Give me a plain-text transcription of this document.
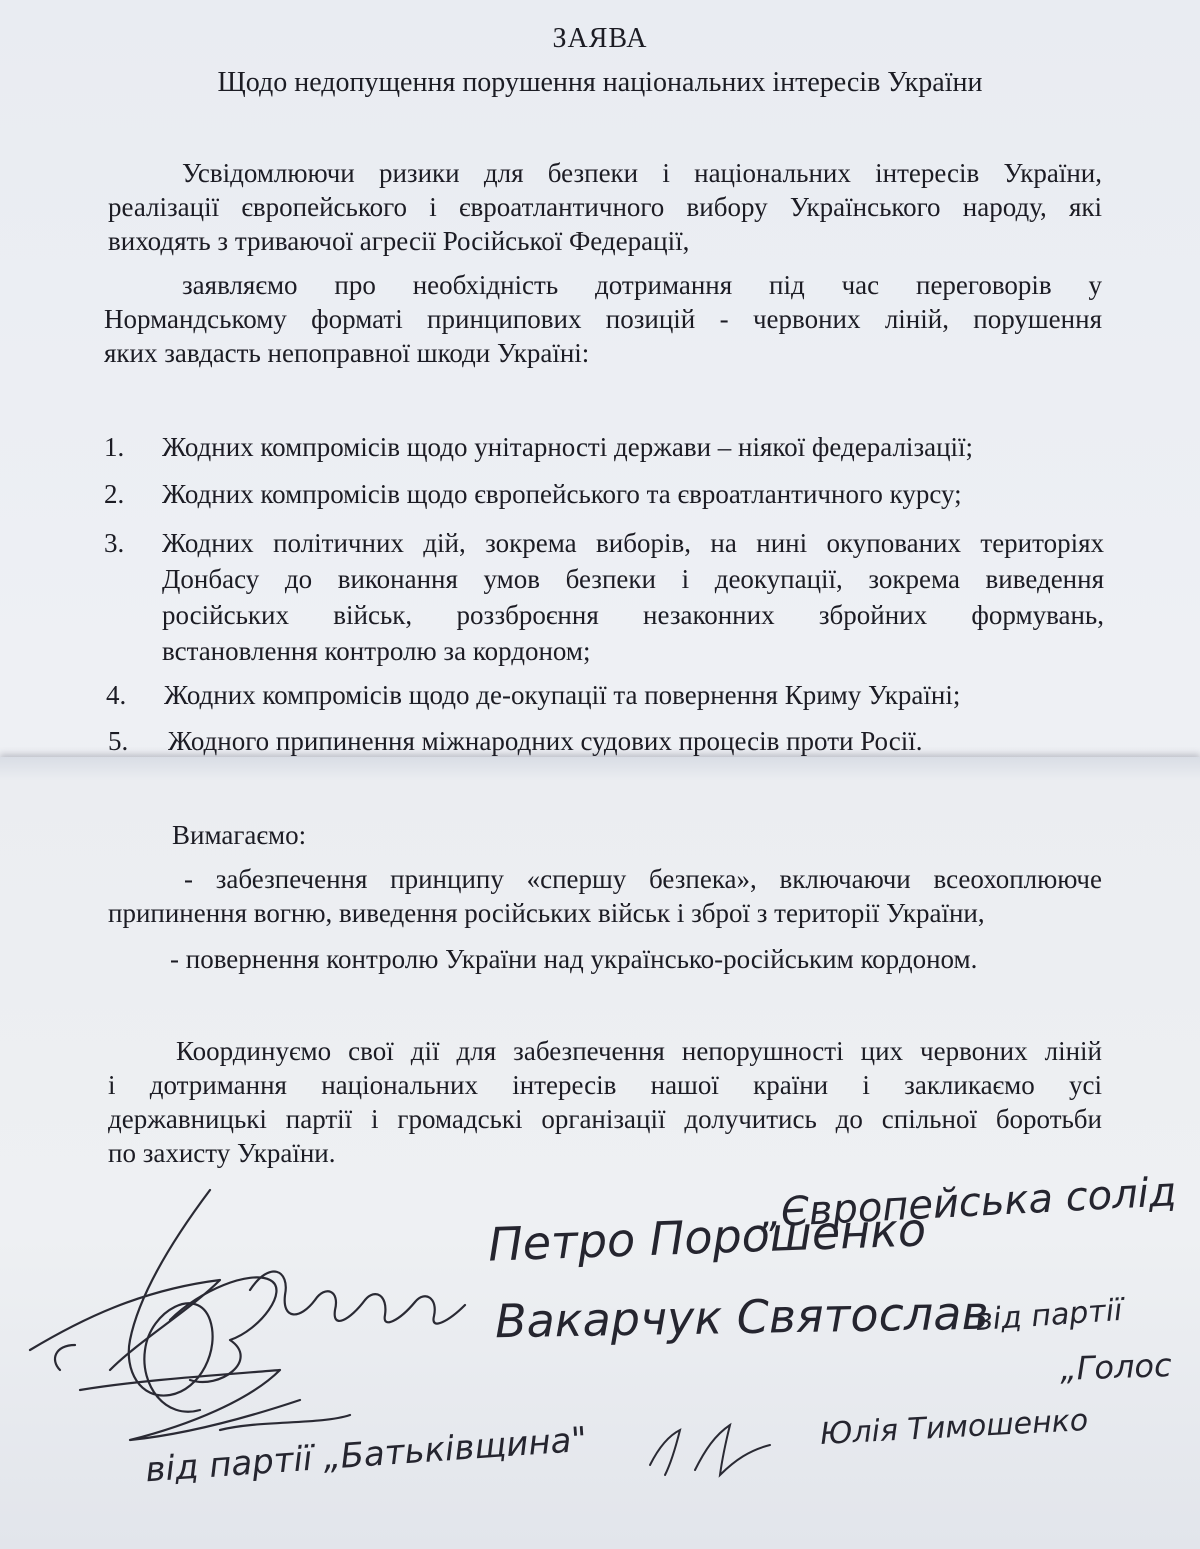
ЗАЯВА
Щодо недопущення порушення національних інтересів України
Усвідомлюючи ризики для безпеки і національних інтересів України,
реалізації європейського і євроатлантичного вибору Українського народу, які
виходять з триваючої агресії Російської Федерації,
заявляємо про необхідність дотримання під час переговорів у
Нормандському форматі принципових позицій - червоних ліній, порушення
яких завдасть непоправної шкоди Україні:
1. Жодних компромісів щодо унітарності держави – ніякої федералізації;
2. Жодних компромісів щодо європейського та євроатлантичного курсу;
3. Жодних політичних дій, зокрема виборів, на нині окупованих територіях
Донбасу до виконання умов безпеки і деокупації, зокрема виведення
російських військ, роззброєння незаконних збройних формувань,
встановлення контролю за кордоном;
4. Жодних компромісів щодо де-окупації та повернення Криму Україні;
5. Жодного припинення міжнародних судових процесів проти Росії.
Вимагаємо:
- забезпечення принципу «спершу безпека», включаючи всеохоплююче
припинення вогню, виведення російських військ і зброї з території України,
- повернення контролю України над українсько-російським кордоном.
Координуємо свої дії для забезпечення непорушності цих червоних ліній
і дотримання національних інтересів нашої країни і закликаємо усі
державницькі партії і громадські організації долучитись до спільної боротьби
по захисту України.
Петро Порошенко
„Європейська солід
Вакарчук Святослав
від партії
„Голос
від партії „Батьківщина"	Юлія Тимошенко
